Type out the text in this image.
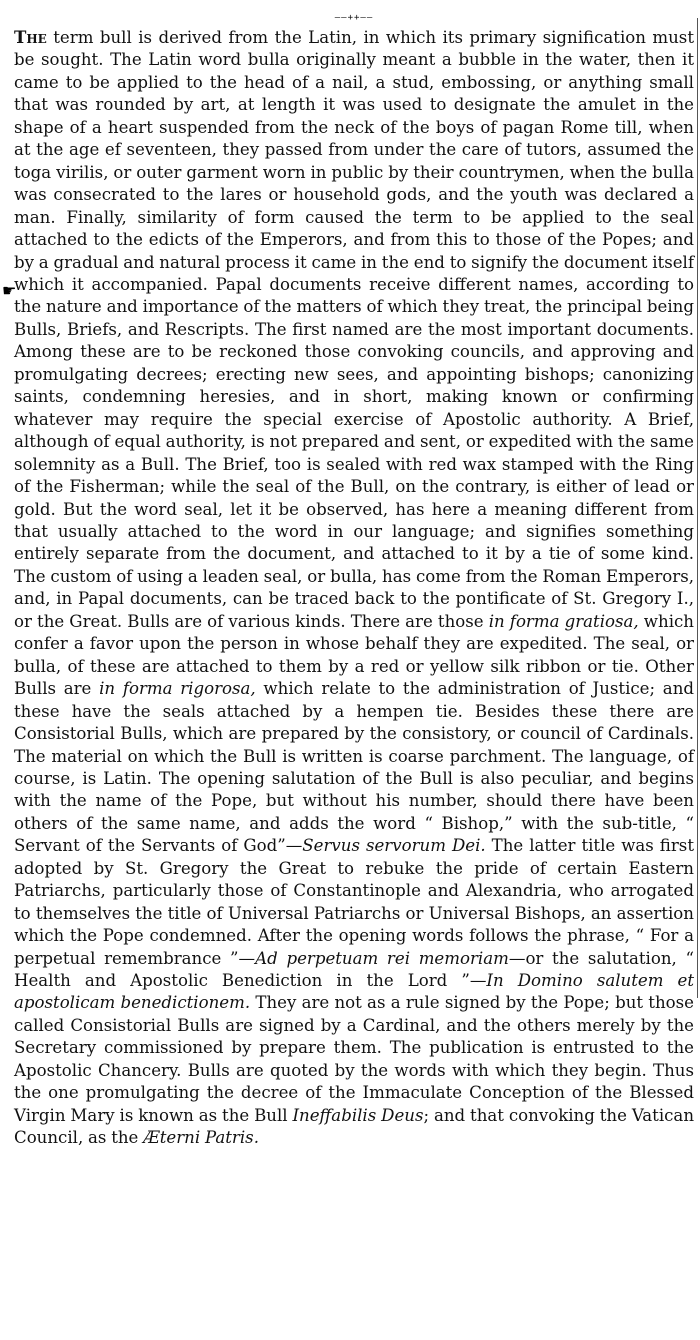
——++——

The term bull is derived from the Latin, in which its primary signification must be sought. The Latin word bulla originally meant a bubble in the water, then it came to be applied to the head of a nail, a stud, embossing, or anything small that was rounded by art, at length it was used to designate the amulet in the shape of a heart suspended from the neck of the boys of pagan Rome till, when at the age ef seventeen, they passed from under the care of tutors, assumed the toga virilis, or outer garment worn in public by their countrymen, when the bulla was consecrated to the lares or household gods, and the youth was declared a man. Finally, similarity of form caused the term to be applied to the seal attached to the edicts of the Emperors, and from this to those of the Popes; and by a gradual and natural process it came in the end to signify the document itself which it accompanied. Papal documents receive different names, according to the nature and importance of the matters of which they treat, the principal being Bulls, Briefs, and Rescripts. The first named are the most important documents. Among these are to be reckoned those convoking councils, and approving and promulgating decrees; erecting new sees, and appointing bishops; canonizing saints, condemning heresies, and in short, making known or confirming whatever may require the special exercise of Apostolic authority. A Brief, although of equal authority, is not prepared and sent, or expedited with the same solemnity as a Bull. The Brief, too is sealed with red wax stamped with the Ring of the Fisherman; while the seal of the Bull, on the contrary, is either of lead or gold. But the word seal, let it be observed, has here a meaning different from that usually attached to the word in our language; and signifies something entirely separate from the document, and attached to it by a tie of some kind. The custom of using a leaden seal, or bulla, has come from the Roman Emperors, and, in Papal documents, can be traced back to the pontificate of St. Gregory I., or the Great. Bulls are of various kinds. There are those in forma gratiosa, which confer a favor upon the person in whose behalf they are expedited. The seal, or bulla, of these are attached to them by a red or yellow silk ribbon or tie. Other Bulls are in forma rigorosa, which relate to the administration of Justice; and these have the seals attached by a hempen tie. Besides these there are Consistorial Bulls, which are prepared by the consistory, or council of Cardinals. The material on which the Bull is written is coarse parchment. The language, of course, is Latin. The opening salutation of the Bull is also peculiar, and begins with the name of the Pope, but without his number, should there have been others of the same name, and adds the word “ Bishop,” with the sub-title, “ Servant of the Servants of God”—Servus servorum Dei. The latter title was first adopted by St. Gregory the Great to rebuke the pride of certain Eastern Patriarchs, particularly those of Constantinople and Alexandria, who arrogated to themselves the title of Universal Patriarchs or Universal Bishops, an assertion which the Pope condemned. After the opening words follows the phrase, “ For a perpetual remembrance ”—Ad perpetuam rei memoriam—or the salutation, “ Health and Apostolic Benediction in the Lord ”—In Domino salutem et apostolicam benedictionem. They are not as a rule signed by the Pope; but those called Consistorial Bulls are signed by a Cardinal, and the others merely by the Secretary commissioned by prepare them. The publication is entrusted to the Apostolic Chancery. Bulls are quoted by the words with which they begin. Thus the one promulgating the decree of the Immaculate Conception of the Blessed Virgin Mary is known as the Bull Ineffabilis Deus; and that convoking the Vatican Council, as the Æterni Patris.

☛
